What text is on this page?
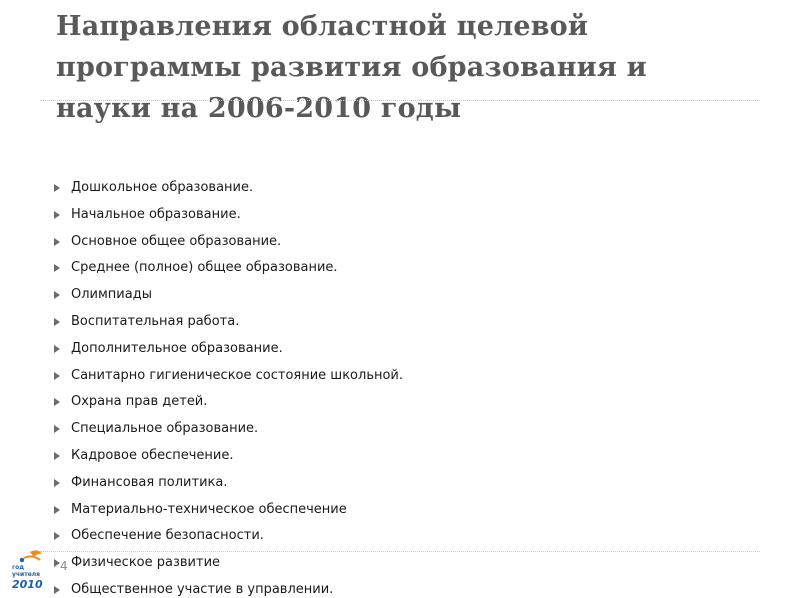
Направления областной целевой
программы развития образования и
науки на 2006-2010 годы
Дошкольное образование.
Начальное образование.
Основное общее образование.
Среднее (полное) общее образование.
Олимпиады
Воспитательная работа.
Дополнительное образование.
Санитарно гигиеническое состояние школьной.
Охрана прав детей.
Специальное образование.
Кадровое обеспечение.
Финансовая политика.
Материально-техническое обеспечение
Обеспечение безопасности.
Физическое развитие
Общественное участие в управлении.
год
учителя
2010
4
